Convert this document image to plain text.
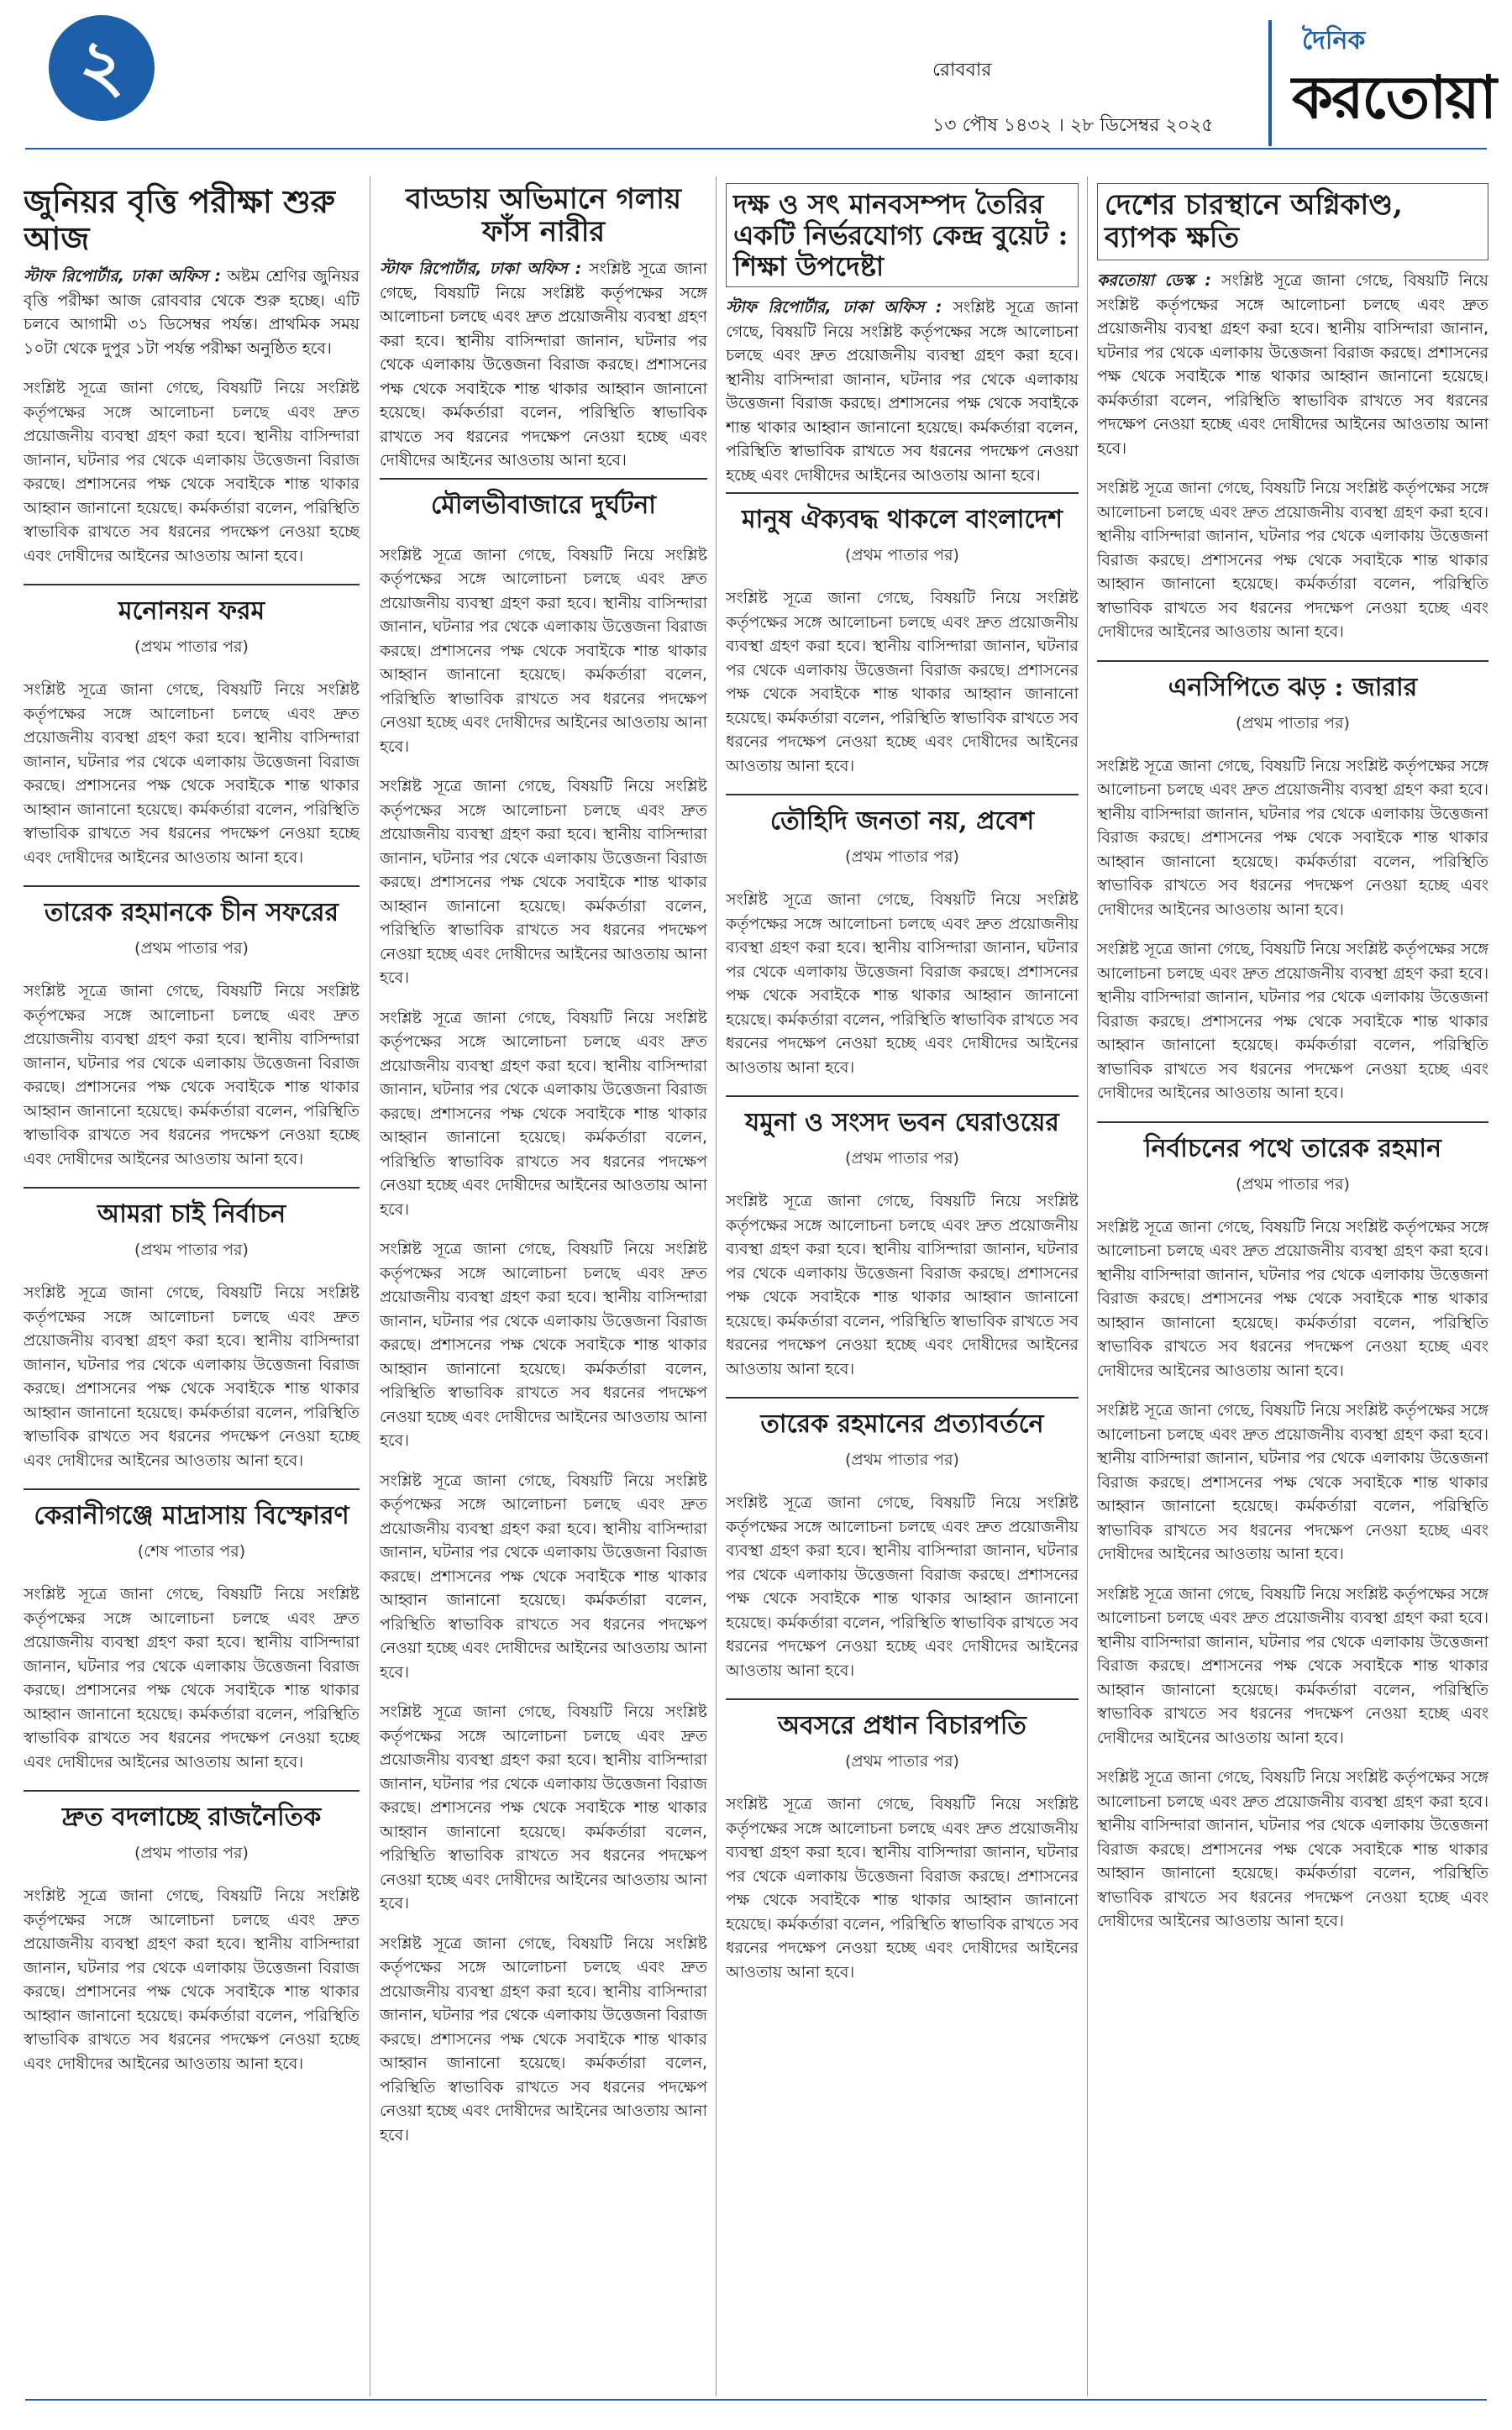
২	রোববার
১৩ পৌষ ১৪৩২ । ২৮ ডিসেম্বর ২০২৫
দৈনিক
করতোয়া
জুনিয়র বৃত্তি পরীক্ষা শুরু আজ

স্টাফ রিপোর্টার, ঢাকা অফিস : অষ্টম শ্রেণির জুনিয়র বৃত্তি পরীক্ষা আজ রোববার থেকে শুরু হচ্ছে। এটি চলবে আগামী ৩১ ডিসেম্বর পর্যন্ত। প্রাথমিক সময় ১০টা থেকে দুপুর ১টা পর্যন্ত পরীক্ষা অনুষ্ঠিত হবে।

সংশ্লিষ্ট সূত্রে জানা গেছে, বিষয়টি নিয়ে সংশ্লিষ্ট কর্তৃপক্ষের সঙ্গে আলোচনা চলছে এবং দ্রুত প্রয়োজনীয় ব্যবস্থা গ্রহণ করা হবে। স্থানীয় বাসিন্দারা জানান, ঘটনার পর থেকে এলাকায় উত্তেজনা বিরাজ করছে। প্রশাসনের পক্ষ থেকে সবাইকে শান্ত থাকার আহ্বান জানানো হয়েছে। কর্মকর্তারা বলেন, পরিস্থিতি স্বাভাবিক রাখতে সব ধরনের পদক্ষেপ নেওয়া হচ্ছে এবং দোষীদের আইনের আওতায় আনা হবে।

মনোনয়ন ফরম
(প্রথম পাতার পর)

সংশ্লিষ্ট সূত্রে জানা গেছে, বিষয়টি নিয়ে সংশ্লিষ্ট কর্তৃপক্ষের সঙ্গে আলোচনা চলছে এবং দ্রুত প্রয়োজনীয় ব্যবস্থা গ্রহণ করা হবে। স্থানীয় বাসিন্দারা জানান, ঘটনার পর থেকে এলাকায় উত্তেজনা বিরাজ করছে। প্রশাসনের পক্ষ থেকে সবাইকে শান্ত থাকার আহ্বান জানানো হয়েছে। কর্মকর্তারা বলেন, পরিস্থিতি স্বাভাবিক রাখতে সব ধরনের পদক্ষেপ নেওয়া হচ্ছে এবং দোষীদের আইনের আওতায় আনা হবে।

তারেক রহমানকে চীন সফরের
(প্রথম পাতার পর)

সংশ্লিষ্ট সূত্রে জানা গেছে, বিষয়টি নিয়ে সংশ্লিষ্ট কর্তৃপক্ষের সঙ্গে আলোচনা চলছে এবং দ্রুত প্রয়োজনীয় ব্যবস্থা গ্রহণ করা হবে। স্থানীয় বাসিন্দারা জানান, ঘটনার পর থেকে এলাকায় উত্তেজনা বিরাজ করছে। প্রশাসনের পক্ষ থেকে সবাইকে শান্ত থাকার আহ্বান জানানো হয়েছে। কর্মকর্তারা বলেন, পরিস্থিতি স্বাভাবিক রাখতে সব ধরনের পদক্ষেপ নেওয়া হচ্ছে এবং দোষীদের আইনের আওতায় আনা হবে।

আমরা চাই নির্বাচন
(প্রথম পাতার পর)

সংশ্লিষ্ট সূত্রে জানা গেছে, বিষয়টি নিয়ে সংশ্লিষ্ট কর্তৃপক্ষের সঙ্গে আলোচনা চলছে এবং দ্রুত প্রয়োজনীয় ব্যবস্থা গ্রহণ করা হবে। স্থানীয় বাসিন্দারা জানান, ঘটনার পর থেকে এলাকায় উত্তেজনা বিরাজ করছে। প্রশাসনের পক্ষ থেকে সবাইকে শান্ত থাকার আহ্বান জানানো হয়েছে। কর্মকর্তারা বলেন, পরিস্থিতি স্বাভাবিক রাখতে সব ধরনের পদক্ষেপ নেওয়া হচ্ছে এবং দোষীদের আইনের আওতায় আনা হবে।

কেরানীগঞ্জে মাদ্রাসায় বিস্ফোরণ
(শেষ পাতার পর)

সংশ্লিষ্ট সূত্রে জানা গেছে, বিষয়টি নিয়ে সংশ্লিষ্ট কর্তৃপক্ষের সঙ্গে আলোচনা চলছে এবং দ্রুত প্রয়োজনীয় ব্যবস্থা গ্রহণ করা হবে। স্থানীয় বাসিন্দারা জানান, ঘটনার পর থেকে এলাকায় উত্তেজনা বিরাজ করছে। প্রশাসনের পক্ষ থেকে সবাইকে শান্ত থাকার আহ্বান জানানো হয়েছে। কর্মকর্তারা বলেন, পরিস্থিতি স্বাভাবিক রাখতে সব ধরনের পদক্ষেপ নেওয়া হচ্ছে এবং দোষীদের আইনের আওতায় আনা হবে।

দ্রুত বদলাচ্ছে রাজনৈতিক
(প্রথম পাতার পর)

সংশ্লিষ্ট সূত্রে জানা গেছে, বিষয়টি নিয়ে সংশ্লিষ্ট কর্তৃপক্ষের সঙ্গে আলোচনা চলছে এবং দ্রুত প্রয়োজনীয় ব্যবস্থা গ্রহণ করা হবে। স্থানীয় বাসিন্দারা জানান, ঘটনার পর থেকে এলাকায় উত্তেজনা বিরাজ করছে। প্রশাসনের পক্ষ থেকে সবাইকে শান্ত থাকার আহ্বান জানানো হয়েছে। কর্মকর্তারা বলেন, পরিস্থিতি স্বাভাবিক রাখতে সব ধরনের পদক্ষেপ নেওয়া হচ্ছে এবং দোষীদের আইনের আওতায় আনা হবে।

বাড্ডায় অভিমানে গলায় ফাঁস নারীর

স্টাফ রিপোর্টার, ঢাকা অফিস : সংশ্লিষ্ট সূত্রে জানা গেছে, বিষয়টি নিয়ে সংশ্লিষ্ট কর্তৃপক্ষের সঙ্গে আলোচনা চলছে এবং দ্রুত প্রয়োজনীয় ব্যবস্থা গ্রহণ করা হবে। স্থানীয় বাসিন্দারা জানান, ঘটনার পর থেকে এলাকায় উত্তেজনা বিরাজ করছে। প্রশাসনের পক্ষ থেকে সবাইকে শান্ত থাকার আহ্বান জানানো হয়েছে। কর্মকর্তারা বলেন, পরিস্থিতি স্বাভাবিক রাখতে সব ধরনের পদক্ষেপ নেওয়া হচ্ছে এবং দোষীদের আইনের আওতায় আনা হবে।

মৌলভীবাজারে দুর্ঘটনা

সংশ্লিষ্ট সূত্রে জানা গেছে, বিষয়টি নিয়ে সংশ্লিষ্ট কর্তৃপক্ষের সঙ্গে আলোচনা চলছে এবং দ্রুত প্রয়োজনীয় ব্যবস্থা গ্রহণ করা হবে। স্থানীয় বাসিন্দারা জানান, ঘটনার পর থেকে এলাকায় উত্তেজনা বিরাজ করছে। প্রশাসনের পক্ষ থেকে সবাইকে শান্ত থাকার আহ্বান জানানো হয়েছে। কর্মকর্তারা বলেন, পরিস্থিতি স্বাভাবিক রাখতে সব ধরনের পদক্ষেপ নেওয়া হচ্ছে এবং দোষীদের আইনের আওতায় আনা হবে।

সংশ্লিষ্ট সূত্রে জানা গেছে, বিষয়টি নিয়ে সংশ্লিষ্ট কর্তৃপক্ষের সঙ্গে আলোচনা চলছে এবং দ্রুত প্রয়োজনীয় ব্যবস্থা গ্রহণ করা হবে। স্থানীয় বাসিন্দারা জানান, ঘটনার পর থেকে এলাকায় উত্তেজনা বিরাজ করছে। প্রশাসনের পক্ষ থেকে সবাইকে শান্ত থাকার আহ্বান জানানো হয়েছে। কর্মকর্তারা বলেন, পরিস্থিতি স্বাভাবিক রাখতে সব ধরনের পদক্ষেপ নেওয়া হচ্ছে এবং দোষীদের আইনের আওতায় আনা হবে।

সংশ্লিষ্ট সূত্রে জানা গেছে, বিষয়টি নিয়ে সংশ্লিষ্ট কর্তৃপক্ষের সঙ্গে আলোচনা চলছে এবং দ্রুত প্রয়োজনীয় ব্যবস্থা গ্রহণ করা হবে। স্থানীয় বাসিন্দারা জানান, ঘটনার পর থেকে এলাকায় উত্তেজনা বিরাজ করছে। প্রশাসনের পক্ষ থেকে সবাইকে শান্ত থাকার আহ্বান জানানো হয়েছে। কর্মকর্তারা বলেন, পরিস্থিতি স্বাভাবিক রাখতে সব ধরনের পদক্ষেপ নেওয়া হচ্ছে এবং দোষীদের আইনের আওতায় আনা হবে।

সংশ্লিষ্ট সূত্রে জানা গেছে, বিষয়টি নিয়ে সংশ্লিষ্ট কর্তৃপক্ষের সঙ্গে আলোচনা চলছে এবং দ্রুত প্রয়োজনীয় ব্যবস্থা গ্রহণ করা হবে। স্থানীয় বাসিন্দারা জানান, ঘটনার পর থেকে এলাকায় উত্তেজনা বিরাজ করছে। প্রশাসনের পক্ষ থেকে সবাইকে শান্ত থাকার আহ্বান জানানো হয়েছে। কর্মকর্তারা বলেন, পরিস্থিতি স্বাভাবিক রাখতে সব ধরনের পদক্ষেপ নেওয়া হচ্ছে এবং দোষীদের আইনের আওতায় আনা হবে।

সংশ্লিষ্ট সূত্রে জানা গেছে, বিষয়টি নিয়ে সংশ্লিষ্ট কর্তৃপক্ষের সঙ্গে আলোচনা চলছে এবং দ্রুত প্রয়োজনীয় ব্যবস্থা গ্রহণ করা হবে। স্থানীয় বাসিন্দারা জানান, ঘটনার পর থেকে এলাকায় উত্তেজনা বিরাজ করছে। প্রশাসনের পক্ষ থেকে সবাইকে শান্ত থাকার আহ্বান জানানো হয়েছে। কর্মকর্তারা বলেন, পরিস্থিতি স্বাভাবিক রাখতে সব ধরনের পদক্ষেপ নেওয়া হচ্ছে এবং দোষীদের আইনের আওতায় আনা হবে।

সংশ্লিষ্ট সূত্রে জানা গেছে, বিষয়টি নিয়ে সংশ্লিষ্ট কর্তৃপক্ষের সঙ্গে আলোচনা চলছে এবং দ্রুত প্রয়োজনীয় ব্যবস্থা গ্রহণ করা হবে। স্থানীয় বাসিন্দারা জানান, ঘটনার পর থেকে এলাকায় উত্তেজনা বিরাজ করছে। প্রশাসনের পক্ষ থেকে সবাইকে শান্ত থাকার আহ্বান জানানো হয়েছে। কর্মকর্তারা বলেন, পরিস্থিতি স্বাভাবিক রাখতে সব ধরনের পদক্ষেপ নেওয়া হচ্ছে এবং দোষীদের আইনের আওতায় আনা হবে।

সংশ্লিষ্ট সূত্রে জানা গেছে, বিষয়টি নিয়ে সংশ্লিষ্ট কর্তৃপক্ষের সঙ্গে আলোচনা চলছে এবং দ্রুত প্রয়োজনীয় ব্যবস্থা গ্রহণ করা হবে। স্থানীয় বাসিন্দারা জানান, ঘটনার পর থেকে এলাকায় উত্তেজনা বিরাজ করছে। প্রশাসনের পক্ষ থেকে সবাইকে শান্ত থাকার আহ্বান জানানো হয়েছে। কর্মকর্তারা বলেন, পরিস্থিতি স্বাভাবিক রাখতে সব ধরনের পদক্ষেপ নেওয়া হচ্ছে এবং দোষীদের আইনের আওতায় আনা হবে।

দক্ষ ও সৎ মানবসম্পদ তৈরির একটি নির্ভরযোগ্য কেন্দ্র বুয়েট : শিক্ষা উপদেষ্টা

স্টাফ রিপোর্টার, ঢাকা অফিস : সংশ্লিষ্ট সূত্রে জানা গেছে, বিষয়টি নিয়ে সংশ্লিষ্ট কর্তৃপক্ষের সঙ্গে আলোচনা চলছে এবং দ্রুত প্রয়োজনীয় ব্যবস্থা গ্রহণ করা হবে। স্থানীয় বাসিন্দারা জানান, ঘটনার পর থেকে এলাকায় উত্তেজনা বিরাজ করছে। প্রশাসনের পক্ষ থেকে সবাইকে শান্ত থাকার আহ্বান জানানো হয়েছে। কর্মকর্তারা বলেন, পরিস্থিতি স্বাভাবিক রাখতে সব ধরনের পদক্ষেপ নেওয়া হচ্ছে এবং দোষীদের আইনের আওতায় আনা হবে।

মানুষ ঐক্যবদ্ধ থাকলে বাংলাদেশ
(প্রথম পাতার পর)

সংশ্লিষ্ট সূত্রে জানা গেছে, বিষয়টি নিয়ে সংশ্লিষ্ট কর্তৃপক্ষের সঙ্গে আলোচনা চলছে এবং দ্রুত প্রয়োজনীয় ব্যবস্থা গ্রহণ করা হবে। স্থানীয় বাসিন্দারা জানান, ঘটনার পর থেকে এলাকায় উত্তেজনা বিরাজ করছে। প্রশাসনের পক্ষ থেকে সবাইকে শান্ত থাকার আহ্বান জানানো হয়েছে। কর্মকর্তারা বলেন, পরিস্থিতি স্বাভাবিক রাখতে সব ধরনের পদক্ষেপ নেওয়া হচ্ছে এবং দোষীদের আইনের আওতায় আনা হবে।

তৌহিদি জনতা নয়, প্রবেশ
(প্রথম পাতার পর)

সংশ্লিষ্ট সূত্রে জানা গেছে, বিষয়টি নিয়ে সংশ্লিষ্ট কর্তৃপক্ষের সঙ্গে আলোচনা চলছে এবং দ্রুত প্রয়োজনীয় ব্যবস্থা গ্রহণ করা হবে। স্থানীয় বাসিন্দারা জানান, ঘটনার পর থেকে এলাকায় উত্তেজনা বিরাজ করছে। প্রশাসনের পক্ষ থেকে সবাইকে শান্ত থাকার আহ্বান জানানো হয়েছে। কর্মকর্তারা বলেন, পরিস্থিতি স্বাভাবিক রাখতে সব ধরনের পদক্ষেপ নেওয়া হচ্ছে এবং দোষীদের আইনের আওতায় আনা হবে।

যমুনা ও সংসদ ভবন ঘেরাওয়ের
(প্রথম পাতার পর)

সংশ্লিষ্ট সূত্রে জানা গেছে, বিষয়টি নিয়ে সংশ্লিষ্ট কর্তৃপক্ষের সঙ্গে আলোচনা চলছে এবং দ্রুত প্রয়োজনীয় ব্যবস্থা গ্রহণ করা হবে। স্থানীয় বাসিন্দারা জানান, ঘটনার পর থেকে এলাকায় উত্তেজনা বিরাজ করছে। প্রশাসনের পক্ষ থেকে সবাইকে শান্ত থাকার আহ্বান জানানো হয়েছে। কর্মকর্তারা বলেন, পরিস্থিতি স্বাভাবিক রাখতে সব ধরনের পদক্ষেপ নেওয়া হচ্ছে এবং দোষীদের আইনের আওতায় আনা হবে।

তারেক রহমানের প্রত্যাবর্তনে
(প্রথম পাতার পর)

সংশ্লিষ্ট সূত্রে জানা গেছে, বিষয়টি নিয়ে সংশ্লিষ্ট কর্তৃপক্ষের সঙ্গে আলোচনা চলছে এবং দ্রুত প্রয়োজনীয় ব্যবস্থা গ্রহণ করা হবে। স্থানীয় বাসিন্দারা জানান, ঘটনার পর থেকে এলাকায় উত্তেজনা বিরাজ করছে। প্রশাসনের পক্ষ থেকে সবাইকে শান্ত থাকার আহ্বান জানানো হয়েছে। কর্মকর্তারা বলেন, পরিস্থিতি স্বাভাবিক রাখতে সব ধরনের পদক্ষেপ নেওয়া হচ্ছে এবং দোষীদের আইনের আওতায় আনা হবে।

অবসরে প্রধান বিচারপতি
(প্রথম পাতার পর)

সংশ্লিষ্ট সূত্রে জানা গেছে, বিষয়টি নিয়ে সংশ্লিষ্ট কর্তৃপক্ষের সঙ্গে আলোচনা চলছে এবং দ্রুত প্রয়োজনীয় ব্যবস্থা গ্রহণ করা হবে। স্থানীয় বাসিন্দারা জানান, ঘটনার পর থেকে এলাকায় উত্তেজনা বিরাজ করছে। প্রশাসনের পক্ষ থেকে সবাইকে শান্ত থাকার আহ্বান জানানো হয়েছে। কর্মকর্তারা বলেন, পরিস্থিতি স্বাভাবিক রাখতে সব ধরনের পদক্ষেপ নেওয়া হচ্ছে এবং দোষীদের আইনের আওতায় আনা হবে।

দেশের চারস্থানে অগ্নিকাণ্ড, ব্যাপক ক্ষতি

করতোয়া ডেস্ক : সংশ্লিষ্ট সূত্রে জানা গেছে, বিষয়টি নিয়ে সংশ্লিষ্ট কর্তৃপক্ষের সঙ্গে আলোচনা চলছে এবং দ্রুত প্রয়োজনীয় ব্যবস্থা গ্রহণ করা হবে। স্থানীয় বাসিন্দারা জানান, ঘটনার পর থেকে এলাকায় উত্তেজনা বিরাজ করছে। প্রশাসনের পক্ষ থেকে সবাইকে শান্ত থাকার আহ্বান জানানো হয়েছে। কর্মকর্তারা বলেন, পরিস্থিতি স্বাভাবিক রাখতে সব ধরনের পদক্ষেপ নেওয়া হচ্ছে এবং দোষীদের আইনের আওতায় আনা হবে।

সংশ্লিষ্ট সূত্রে জানা গেছে, বিষয়টি নিয়ে সংশ্লিষ্ট কর্তৃপক্ষের সঙ্গে আলোচনা চলছে এবং দ্রুত প্রয়োজনীয় ব্যবস্থা গ্রহণ করা হবে। স্থানীয় বাসিন্দারা জানান, ঘটনার পর থেকে এলাকায় উত্তেজনা বিরাজ করছে। প্রশাসনের পক্ষ থেকে সবাইকে শান্ত থাকার আহ্বান জানানো হয়েছে। কর্মকর্তারা বলেন, পরিস্থিতি স্বাভাবিক রাখতে সব ধরনের পদক্ষেপ নেওয়া হচ্ছে এবং দোষীদের আইনের আওতায় আনা হবে।

এনসিপিতে ঝড় : জারার
(প্রথম পাতার পর)

সংশ্লিষ্ট সূত্রে জানা গেছে, বিষয়টি নিয়ে সংশ্লিষ্ট কর্তৃপক্ষের সঙ্গে আলোচনা চলছে এবং দ্রুত প্রয়োজনীয় ব্যবস্থা গ্রহণ করা হবে। স্থানীয় বাসিন্দারা জানান, ঘটনার পর থেকে এলাকায় উত্তেজনা বিরাজ করছে। প্রশাসনের পক্ষ থেকে সবাইকে শান্ত থাকার আহ্বান জানানো হয়েছে। কর্মকর্তারা বলেন, পরিস্থিতি স্বাভাবিক রাখতে সব ধরনের পদক্ষেপ নেওয়া হচ্ছে এবং দোষীদের আইনের আওতায় আনা হবে।

সংশ্লিষ্ট সূত্রে জানা গেছে, বিষয়টি নিয়ে সংশ্লিষ্ট কর্তৃপক্ষের সঙ্গে আলোচনা চলছে এবং দ্রুত প্রয়োজনীয় ব্যবস্থা গ্রহণ করা হবে। স্থানীয় বাসিন্দারা জানান, ঘটনার পর থেকে এলাকায় উত্তেজনা বিরাজ করছে। প্রশাসনের পক্ষ থেকে সবাইকে শান্ত থাকার আহ্বান জানানো হয়েছে। কর্মকর্তারা বলেন, পরিস্থিতি স্বাভাবিক রাখতে সব ধরনের পদক্ষেপ নেওয়া হচ্ছে এবং দোষীদের আইনের আওতায় আনা হবে।

নির্বাচনের পথে তারেক রহমান
(প্রথম পাতার পর)

সংশ্লিষ্ট সূত্রে জানা গেছে, বিষয়টি নিয়ে সংশ্লিষ্ট কর্তৃপক্ষের সঙ্গে আলোচনা চলছে এবং দ্রুত প্রয়োজনীয় ব্যবস্থা গ্রহণ করা হবে। স্থানীয় বাসিন্দারা জানান, ঘটনার পর থেকে এলাকায় উত্তেজনা বিরাজ করছে। প্রশাসনের পক্ষ থেকে সবাইকে শান্ত থাকার আহ্বান জানানো হয়েছে। কর্মকর্তারা বলেন, পরিস্থিতি স্বাভাবিক রাখতে সব ধরনের পদক্ষেপ নেওয়া হচ্ছে এবং দোষীদের আইনের আওতায় আনা হবে।

সংশ্লিষ্ট সূত্রে জানা গেছে, বিষয়টি নিয়ে সংশ্লিষ্ট কর্তৃপক্ষের সঙ্গে আলোচনা চলছে এবং দ্রুত প্রয়োজনীয় ব্যবস্থা গ্রহণ করা হবে। স্থানীয় বাসিন্দারা জানান, ঘটনার পর থেকে এলাকায় উত্তেজনা বিরাজ করছে। প্রশাসনের পক্ষ থেকে সবাইকে শান্ত থাকার আহ্বান জানানো হয়েছে। কর্মকর্তারা বলেন, পরিস্থিতি স্বাভাবিক রাখতে সব ধরনের পদক্ষেপ নেওয়া হচ্ছে এবং দোষীদের আইনের আওতায় আনা হবে।

সংশ্লিষ্ট সূত্রে জানা গেছে, বিষয়টি নিয়ে সংশ্লিষ্ট কর্তৃপক্ষের সঙ্গে আলোচনা চলছে এবং দ্রুত প্রয়োজনীয় ব্যবস্থা গ্রহণ করা হবে। স্থানীয় বাসিন্দারা জানান, ঘটনার পর থেকে এলাকায় উত্তেজনা বিরাজ করছে। প্রশাসনের পক্ষ থেকে সবাইকে শান্ত থাকার আহ্বান জানানো হয়েছে। কর্মকর্তারা বলেন, পরিস্থিতি স্বাভাবিক রাখতে সব ধরনের পদক্ষেপ নেওয়া হচ্ছে এবং দোষীদের আইনের আওতায় আনা হবে।

সংশ্লিষ্ট সূত্রে জানা গেছে, বিষয়টি নিয়ে সংশ্লিষ্ট কর্তৃপক্ষের সঙ্গে আলোচনা চলছে এবং দ্রুত প্রয়োজনীয় ব্যবস্থা গ্রহণ করা হবে। স্থানীয় বাসিন্দারা জানান, ঘটনার পর থেকে এলাকায় উত্তেজনা বিরাজ করছে। প্রশাসনের পক্ষ থেকে সবাইকে শান্ত থাকার আহ্বান জানানো হয়েছে। কর্মকর্তারা বলেন, পরিস্থিতি স্বাভাবিক রাখতে সব ধরনের পদক্ষেপ নেওয়া হচ্ছে এবং দোষীদের আইনের আওতায় আনা হবে।
